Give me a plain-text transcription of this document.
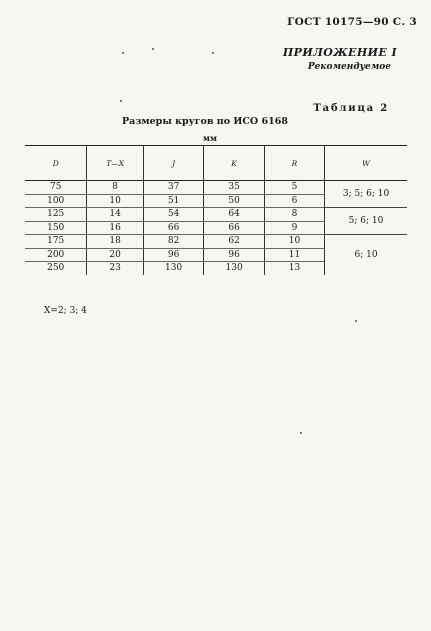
ГОСТ 10175—90 С. 3
ПРИЛОЖЕНИЕ I
Рекомендуемое
Таблица 2
Размеры кругов по ИСО 6168
мм
D	T—X	J	K	R	W
75	8	37	35	5	3; 5; 6; 10
100	10	51	50	6	
125	14	54	64	8	5; 6; 10
150	16	66	66	9	
175	18	82	62	10	6; 10
200	20	96	96	11	
250	23	130	130	13	
X=2; 3; 4
